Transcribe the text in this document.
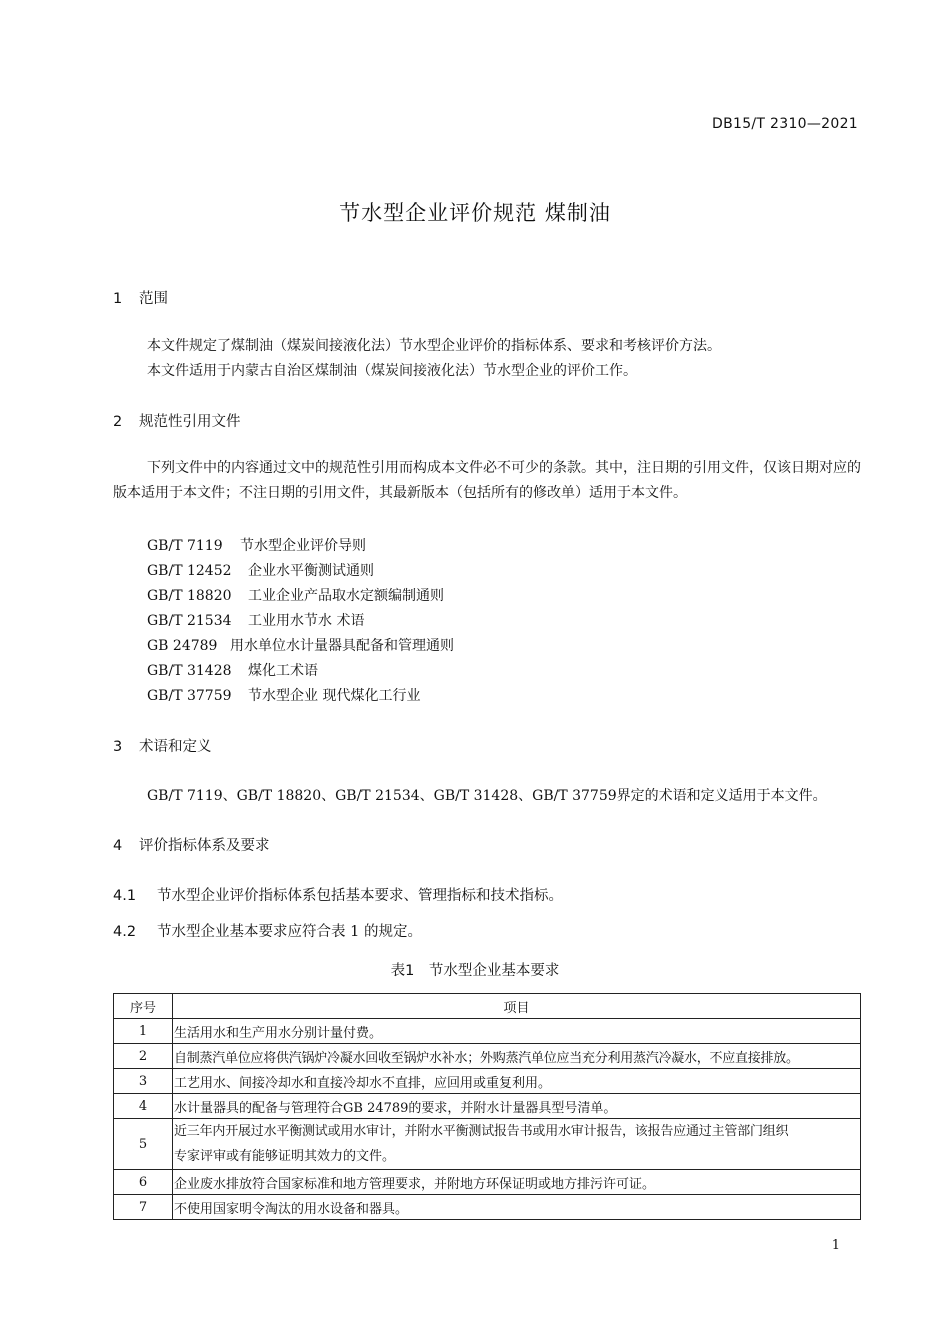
DB15/T 2310—2021
节水型企业评价规范 煤制油
1 范围
本文件规定了煤制油（煤炭间接液化法）节水型企业评价的指标体系、要求和考核评价方法。
本文件适用于内蒙古自治区煤制油（煤炭间接液化法）节水型企业的评价工作。
2 规范性引用文件
下列文件中的内容通过文中的规范性引用而构成本文件必不可少的条款。其中，注日期的引用文件，仅该日期对应的版本适用于本文件；不注日期的引用文件，其最新版本（包括所有的修改单）适用于本文件。
GB/T 7119 节水型企业评价导则
GB/T 12452 企业水平衡测试通则
GB/T 18820 工业企业产品取水定额编制通则
GB/T 21534 工业用水节水 术语
GB 24789 用水单位水计量器具配备和管理通则
GB/T 31428 煤化工术语
GB/T 37759 节水型企业 现代煤化工行业
3 术语和定义
GB/T 7119、GB/T 18820、GB/T 21534、GB/T 31428、GB/T 37759界定的术语和定义适用于本文件。
4 评价指标体系及要求
4.1 节水型企业评价指标体系包括基本要求、管理指标和技术指标。
4.2 节水型企业基本要求应符合表 1 的规定。
表1　节水型企业基本要求
序号	项目
1	生活用水和生产用水分别计量付费。
2	自制蒸汽单位应将供汽锅炉冷凝水回收至锅炉水补水；外购蒸汽单位应当充分利用蒸汽冷凝水，不应直接排放。
3	工艺用水、间接冷却水和直接冷却水不直排，应回用或重复利用。
4	水计量器具的配备与管理符合GB 24789的要求，并附水计量器具型号清单。
5	近三年内开展过水平衡测试或用水审计，并附水平衡测试报告书或用水审计报告，该报告应通过主管部门组织
专家评审或有能够证明其效力的文件。

6	企业废水排放符合国家标准和地方管理要求，并附地方环保证明或地方排污许可证。
7	不使用国家明令淘汰的用水设备和器具。
1
